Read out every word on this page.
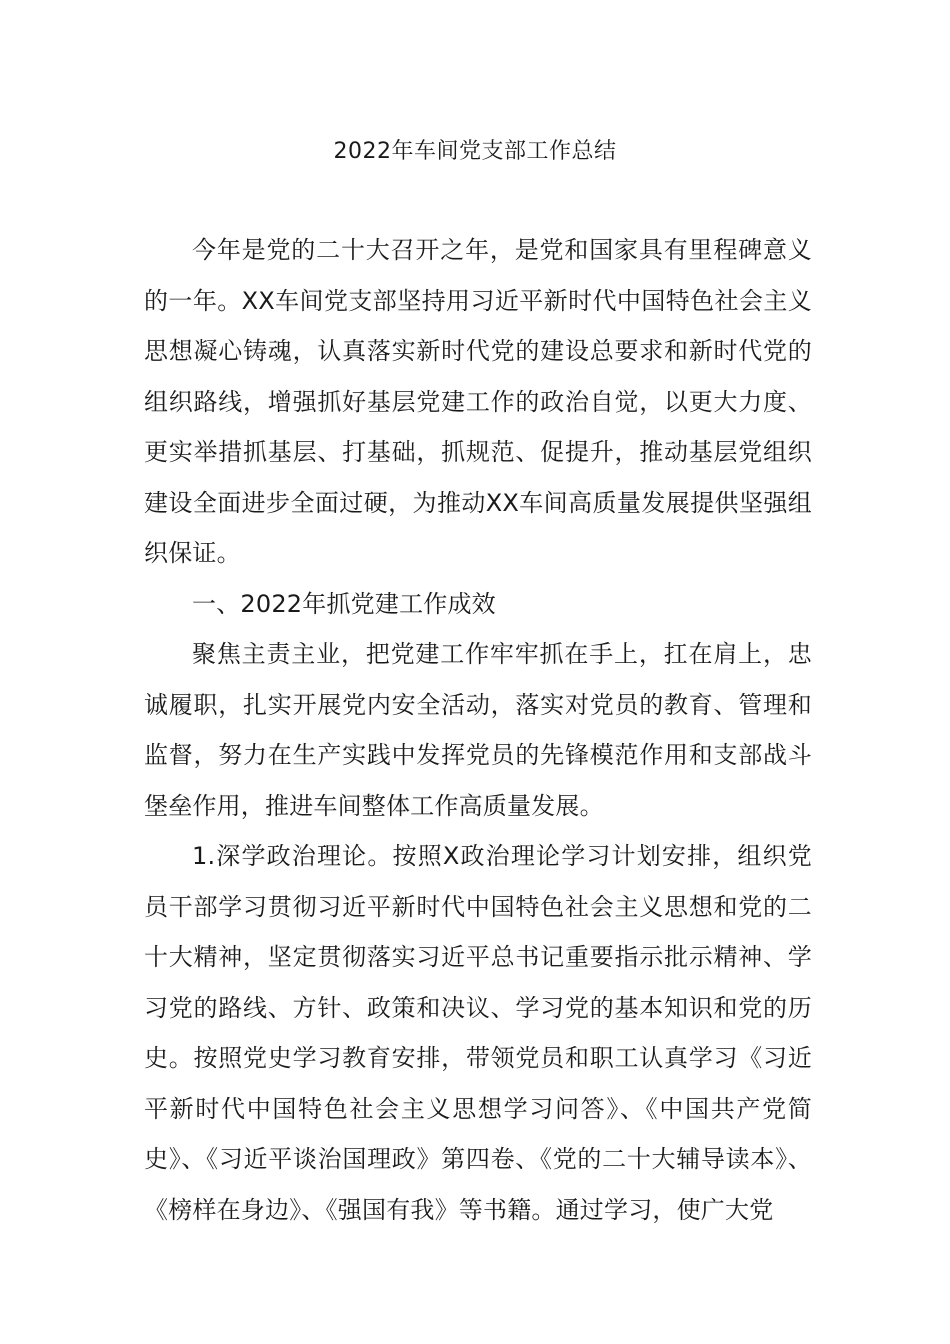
2022年车间党支部工作总结

今年是党的二十大召开之年，是党和国家具有里程碑意义的一年。XX车间党支部坚持用习近平新时代中国特色社会主义思想凝心铸魂，认真落实新时代党的建设总要求和新时代党的组织路线，增强抓好基层党建工作的政治自觉，以更大力度、更实举措抓基层、打基础，抓规范、促提升，推动基层党组织建设全面进步全面过硬，为推动XX车间高质量发展提供坚强组织保证。

一、2022年抓党建工作成效

聚焦主责主业，把党建工作牢牢抓在手上，扛在肩上，忠诚履职，扎实开展党内安全活动，落实对党员的教育、管理和监督，努力在生产实践中发挥党员的先锋模范作用和支部战斗堡垒作用，推进车间整体工作高质量发展。

1.深学政治理论。按照X政治理论学习计划安排，组织党员干部学习贯彻习近平新时代中国特色社会主义思想和党的二十大精神，坚定贯彻落实习近平总书记重要指示批示精神、学习党的路线、方针、政策和决议、学习党的基本知识和党的历史。按照党史学习教育安排，带领党员和职工认真学习《习近平新时代中国特色社会主义思想学习问答》、《中国共产党简史》、《习近平谈治国理政》第四卷、《党的二十大辅导读本》、《榜样在身边》、《强国有我》等书籍。通过学习，使广大党
